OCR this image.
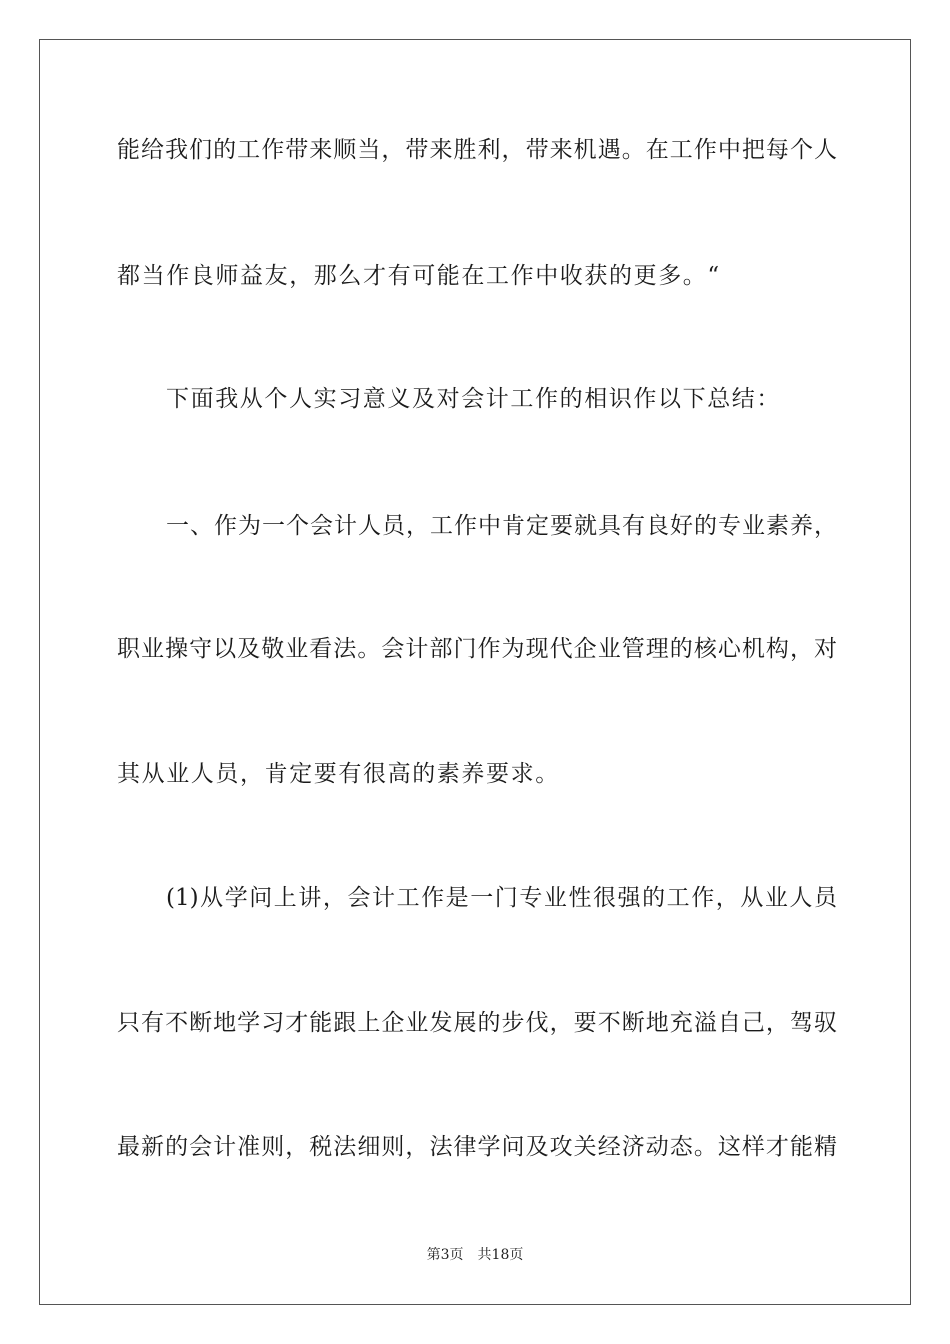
能给我们的工作带来顺当，带来胜利，带来机遇。在工作中把每个人
都当作良师益友，那么才有可能在工作中收获的更多。“
下面我从个人实习意义及对会计工作的相识作以下总结：
一、作为一个会计人员，工作中肯定要就具有良好的专业素养，
职业操守以及敬业看法。会计部门作为现代企业管理的核心机构，对
其从业人员，肯定要有很高的素养要求。
(1)从学问上讲，会计工作是一门专业性很强的工作，从业人员
只有不断地学习才能跟上企业发展的步伐，要不断地充溢自己，驾驭
最新的会计准则，税法细则，法律学问及攻关经济动态。这样才能精
第3页 共18页
